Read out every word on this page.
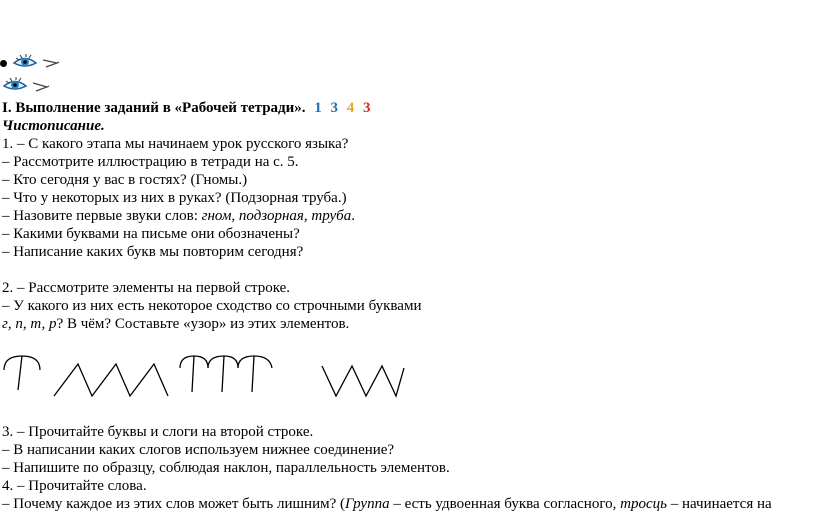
I. Выполнение заданий в «Рабочей тетради». 1 3 4 3
Чистописание.
1. – С какого этапа мы начинаем урок русского языка?
– Рассмотрите иллюстрацию в тетради на с. 5.
– Кто сегодня у вас в гостях? (Гномы.)
– Что у некоторых из них в руках? (Подзорная труба.)
– Назовите первые звуки слов: гном, подзорная, труба.
– Какими буквами на письме они обозначены?
– Написание каких букв мы повторим сегодня?
2. – Рассмотрите элементы на первой строке.
– У какого из них есть некоторое сходство со строчными буквами
г, п, т, р? В чём? Составьте «узор» из этих элементов.
3. – Прочитайте буквы и слоги на второй строке.
– В написании каких слогов используем нижнее соединение?
– Напишите по образцу, соблюдая наклон, параллельность элементов.
4. – Прочитайте слова.
– Почему каждое из этих слов может быть лишним? (Группа – есть удвоенная буква согласного, тросць – начинается на
